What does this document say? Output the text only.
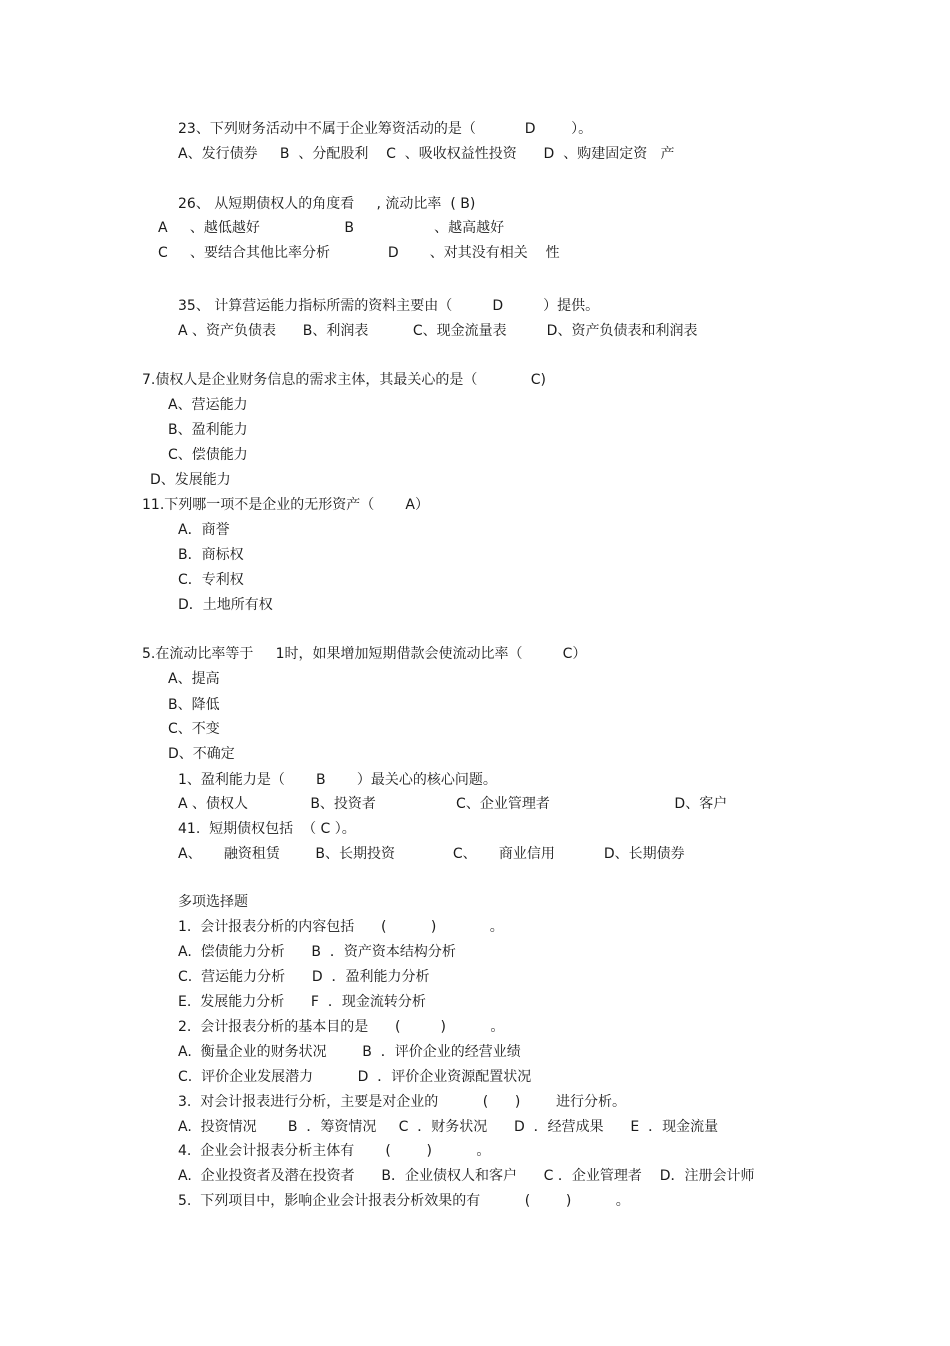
23、下列财务活动中不属于企业筹资活动的是（           D        ）。
A、发行债券     B  、分配股利    C  、吸收权益性投资      D  、购建固定资   产
26、 从短期债权人的角度看     , 流动比率  ( B)
A     、越低越好                   B                  、越高越好
C     、要结合其他比率分析             D       、对其没有相关    性
35、 计算营运能力指标所需的资料主要由（         D         ）提供。
A 、资产负债表      B、利润表          C、现金流量表         D、资产负债表和利润表
7.债权人是企业财务信息的需求主体，其最关心的是（            C)
A、营运能力
B、盈利能力
C、偿债能力
D、发展能力
11.下列哪一项不是企业的无形资产（       A）
A．商誉
B．商标权
C．专利权
D．土地所有权
5.在流动比率等于     1时，如果增加短期借款会使流动比率（         C）
A、提高
B、降低
C、不变
D、不确定
1、盈利能力是（       B       ）最关心的核心问题。
A 、债权人              B、投资者                  C、企业管理者                            D、客户
41.  短期债权包括  （ C ）。
A、     融资租赁        B、长期投资             C、     商业信用           D、长期债券
多项选择题
1.  会计报表分析的内容包括      (          )            。
A.  偿债能力分析      B  ．资产资本结构分析
C.  营运能力分析      D  ．盈利能力分析
E.  发展能力分析      F  ．现金流转分析
2.  会计报表分析的基本目的是      (         )          。
A.  衡量企业的财务状况        B  ．评价企业的经营业绩
C.  评价企业发展潜力          D  ．评价企业资源配置状况
3.  对会计报表进行分析，主要是对企业的          (      )        进行分析。
A.  投资情况       B  ．筹资情况     C  ．财务状况      D  ．经营成果      E  ．现金流量
4.  企业会计报表分析主体有       (        )          。
A.  企业投资者及潜在投资者      B．企业债权人和客户      C ．企业管理者    D．注册会计师
5.  下列项目中，影响企业会计报表分析效果的有          (        )          。
